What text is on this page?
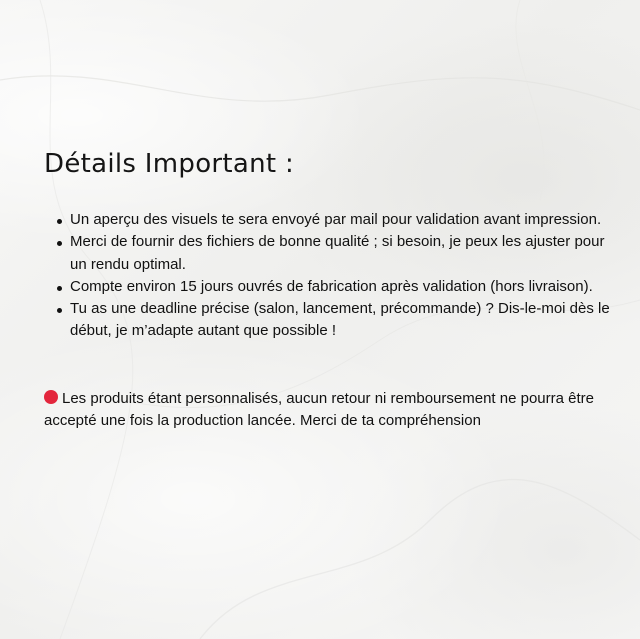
Détails Important :
Un aperçu des visuels te sera envoyé par mail pour validation avant impression.
Merci de fournir des fichiers de bonne qualité ; si besoin, je peux les ajuster pour un rendu optimal.
Compte environ 15 jours ouvrés de fabrication après validation (hors livraison).
Tu as une deadline précise (salon, lancement, précommande) ? Dis-le-moi dès le début, je m’adapte autant que possible !

Les produits étant personnalisés, aucun retour ni remboursement ne pourra être accepté une fois la production lancée. Merci de ta compréhension
